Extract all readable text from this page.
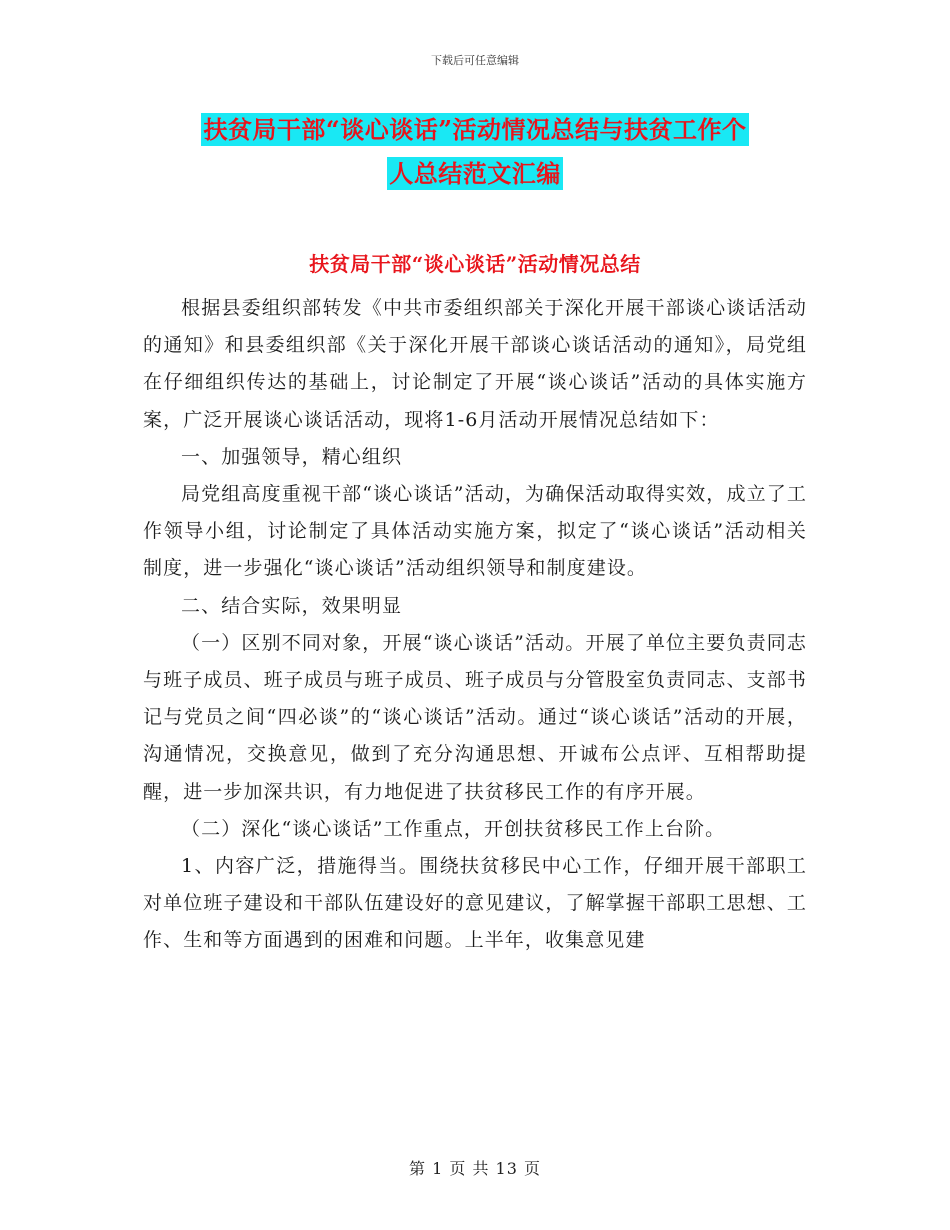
下载后可任意编辑
扶贫局干部“谈心谈话”活动情况总结与扶贫工作个
人总结范文汇编
扶贫局干部“谈心谈话”活动情况总结

根据县委组织部转发《中共市委组织部关于深化开展干部谈心谈话活动的通知》和县委组织部《关于深化开展干部谈心谈话活动的通知》，局党组在仔细组织传达的基础上，讨论制定了开展“谈心谈话”活动的具体实施方案，广泛开展谈心谈话活动，现将1-6月活动开展情况总结如下：

一、加强领导，精心组织

局党组高度重视干部“谈心谈话”活动，为确保活动取得实效，成立了工作领导小组，讨论制定了具体活动实施方案，拟定了“谈心谈话”活动相关制度，进一步强化“谈心谈话”活动组织领导和制度建设。

二、结合实际，效果明显

（一）区别不同对象，开展“谈心谈话”活动。开展了单位主要负责同志与班子成员、班子成员与班子成员、班子成员与分管股室负责同志、支部书记与党员之间“四必谈”的“谈心谈话”活动。通过“谈心谈话”活动的开展，沟通情况，交换意见，做到了充分沟通思想、开诚布公点评、互相帮助提醒，进一步加深共识，有力地促进了扶贫移民工作的有序开展。

（二）深化“谈心谈话”工作重点，开创扶贫移民工作上台阶。

1、内容广泛，措施得当。围绕扶贫移民中心工作，仔细开展干部职工对单位班子建设和干部队伍建设好的意见建议，了解掌握干部职工思想、工作、生和等方面遇到的困难和问题。上半年，收集意见建

第 1 页 共 13 页
